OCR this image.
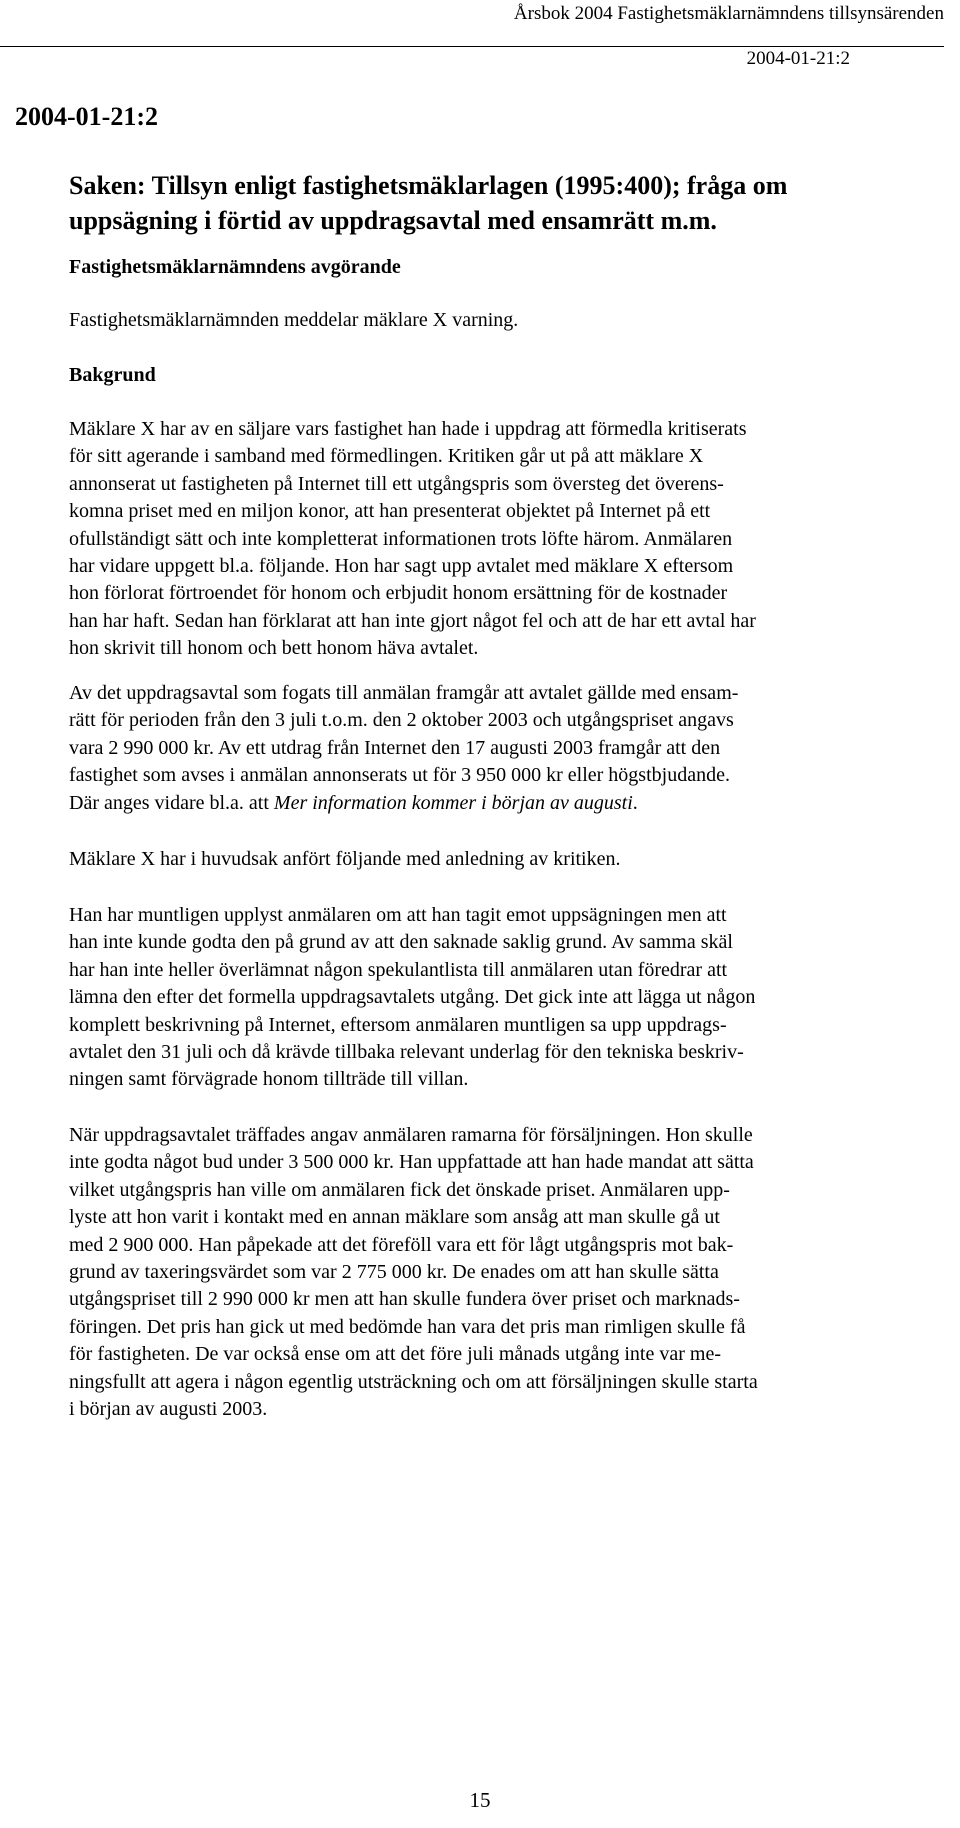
Årsbok 2004 Fastighetsmäklarnämndens tillsynsärenden
2004-01-21:2
2004-01-21:2
Saken: Tillsyn enligt fastighetsmäklarlagen (1995:400); fråga om
uppsägning i förtid av uppdragsavtal med ensamrätt m.m.
Fastighetsmäklarnämndens avgörande

Fastighetsmäklarnämnden meddelar mäklare X varning.

Bakgrund

Mäklare X har av en säljare vars fastighet han hade i uppdrag att förmedla kritiserats
för sitt agerande i samband med förmedlingen. Kritiken går ut på att mäklare X
annonserat ut fastigheten på Internet till ett utgångspris som översteg det överens-
komna priset med en miljon konor, att han presenterat objektet på Internet på ett
ofullständigt sätt och inte kompletterat informationen trots löfte härom. Anmälaren
har vidare uppgett bl.a. följande. Hon har sagt upp avtalet med mäklare X eftersom
hon förlorat förtroendet för honom och erbjudit honom ersättning för de kostnader
han har haft. Sedan han förklarat att han inte gjort något fel och att de har ett avtal har
hon skrivit till honom och bett honom häva avtalet.

Av det uppdragsavtal som fogats till anmälan framgår att avtalet gällde med ensam-
rätt för perioden från den 3 juli t.o.m. den 2 oktober 2003 och utgångspriset angavs
vara 2 990 000 kr. Av ett utdrag från Internet den 17 augusti 2003 framgår att den
fastighet som avses i anmälan annonserats ut för 3 950 000 kr eller högstbjudande.
Där anges vidare bl.a. att Mer information kommer i början av augusti.

Mäklare X har i huvudsak anfört följande med anledning av kritiken.

Han har muntligen upplyst anmälaren om att han tagit emot uppsägningen men att
han inte kunde godta den på grund av att den saknade saklig grund. Av samma skäl
har han inte heller överlämnat någon spekulantlista till anmälaren utan föredrar att
lämna den efter det formella uppdragsavtalets utgång. Det gick inte att lägga ut någon
komplett beskrivning på Internet, eftersom anmälaren muntligen sa upp uppdrags-
avtalet den 31 juli och då krävde tillbaka relevant underlag för den tekniska beskriv-
ningen samt förvägrade honom tillträde till villan.

När uppdragsavtalet träffades angav anmälaren ramarna för försäljningen. Hon skulle
inte godta något bud under 3 500 000 kr. Han uppfattade att han hade mandat att sätta
vilket utgångspris han ville om anmälaren fick det önskade priset. Anmälaren upp-
lyste att hon varit i kontakt med en annan mäklare som ansåg att man skulle gå ut
med 2 900 000. Han påpekade att det föreföll vara ett för lågt utgångspris mot bak-
grund av taxeringsvärdet som var 2 775 000 kr. De enades om att han skulle sätta
utgångspriset till 2 990 000 kr men att han skulle fundera över priset och marknads-
föringen. Det pris han gick ut med bedömde han vara det pris man rimligen skulle få
för fastigheten. De var också ense om att det före juli månads utgång inte var me-
ningsfullt att agera i någon egentlig utsträckning och om att försäljningen skulle starta
i början av augusti 2003.

15
